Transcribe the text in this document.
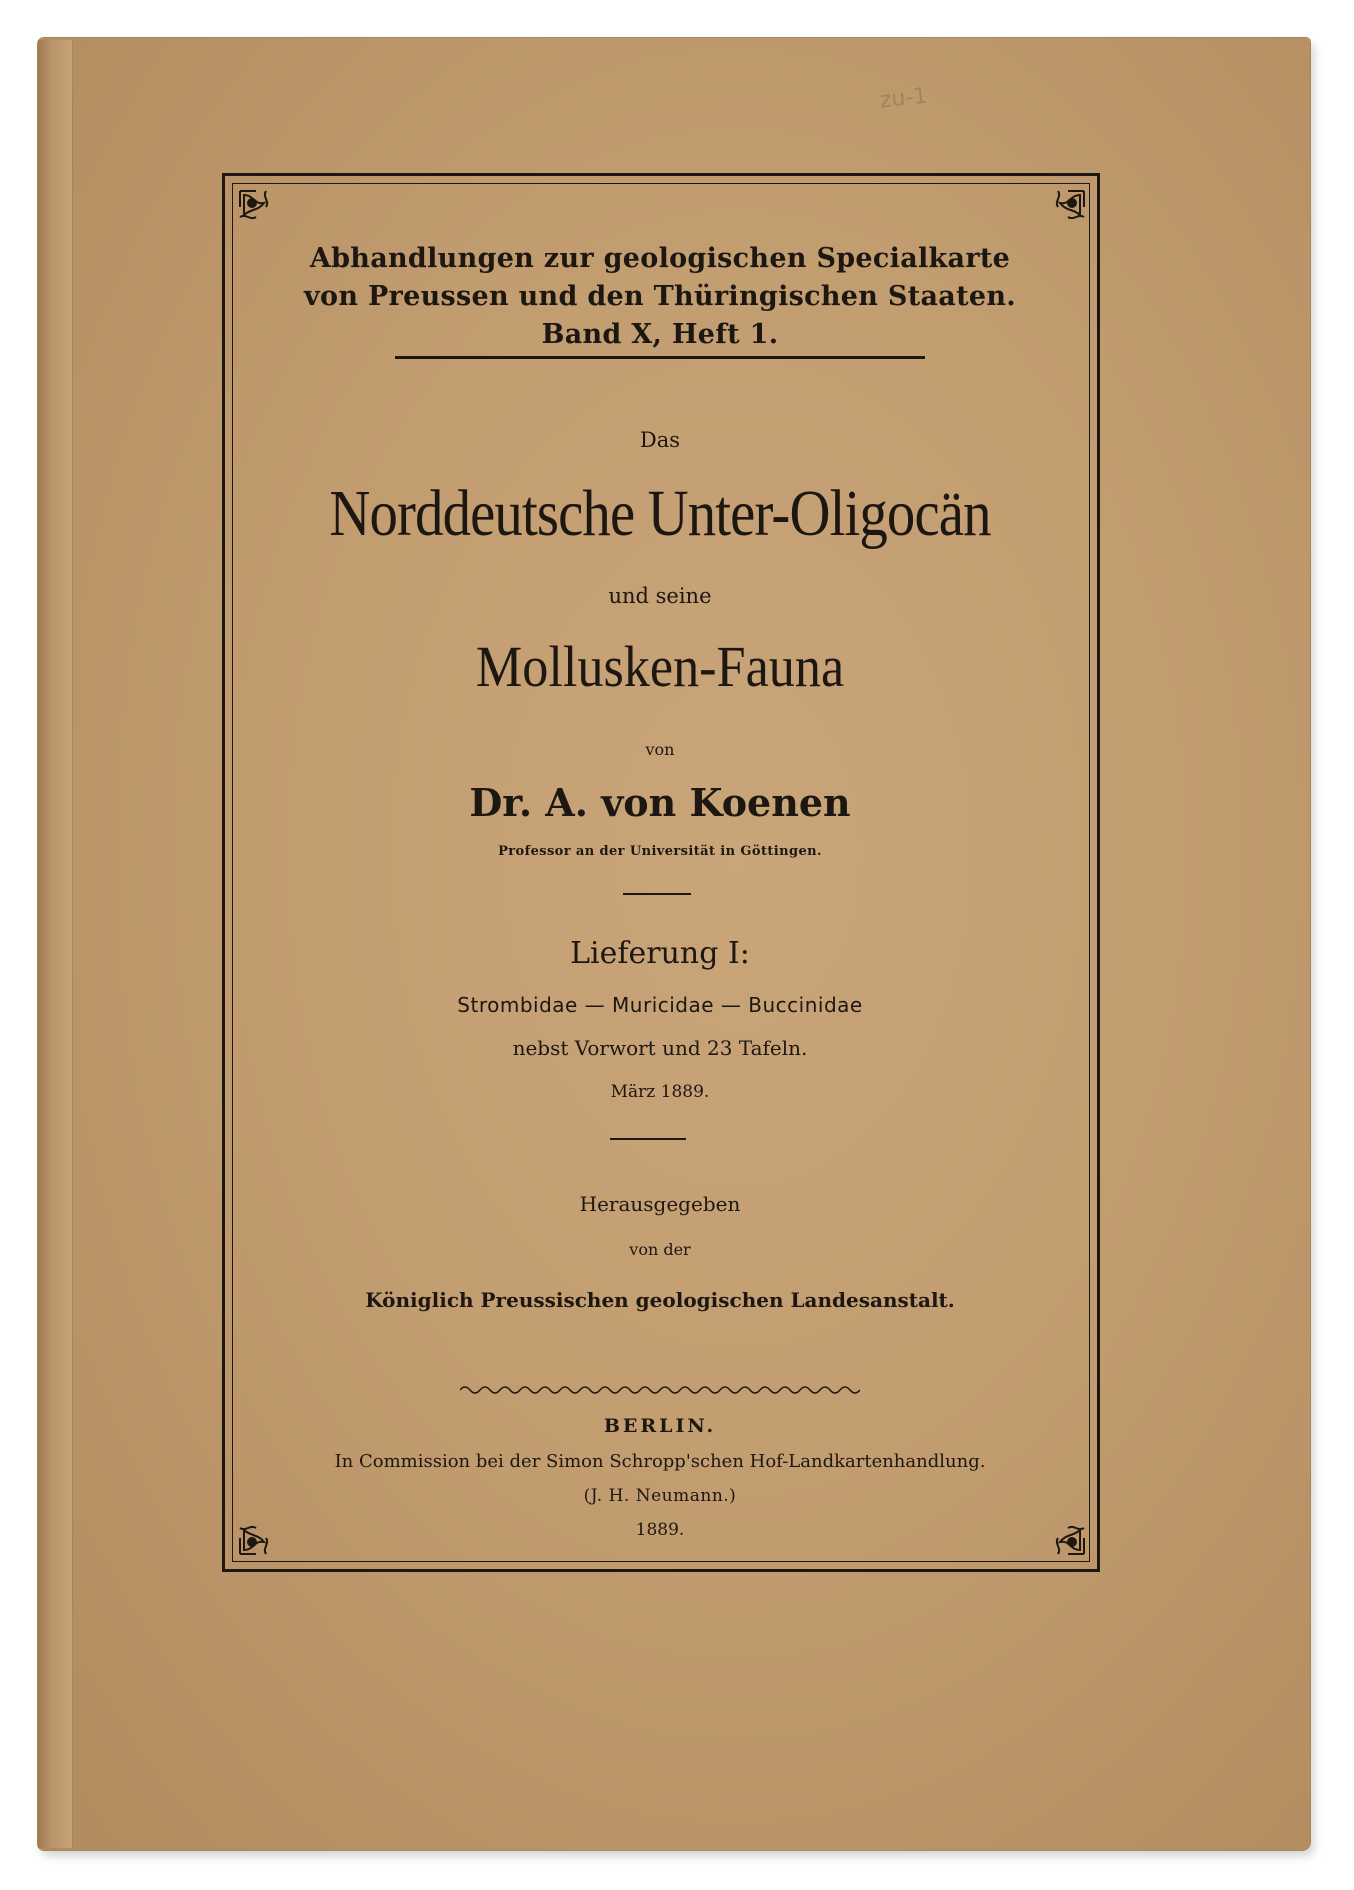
zu-1
Abhandlungen zur geologischen Specialkarte
von Preussen und den Thüringischen Staaten.
Band X, Heft 1.
Das
Norddeutsche Unter-Oligocän
und seine
Mollusken-Fauna
von
Dr. A. von Koenen
Professor an der Universität in Göttingen.
Lieferung I:
Strombidae — Muricidae — Buccinidae
nebst Vorwort und 23 Tafeln.
März 1889.
Herausgegeben
von der
Königlich Preussischen geologischen Landesanstalt.
BERLIN.
In Commission bei der Simon Schropp'schen Hof-Landkartenhandlung.
(J. H. Neumann.)
1889.
